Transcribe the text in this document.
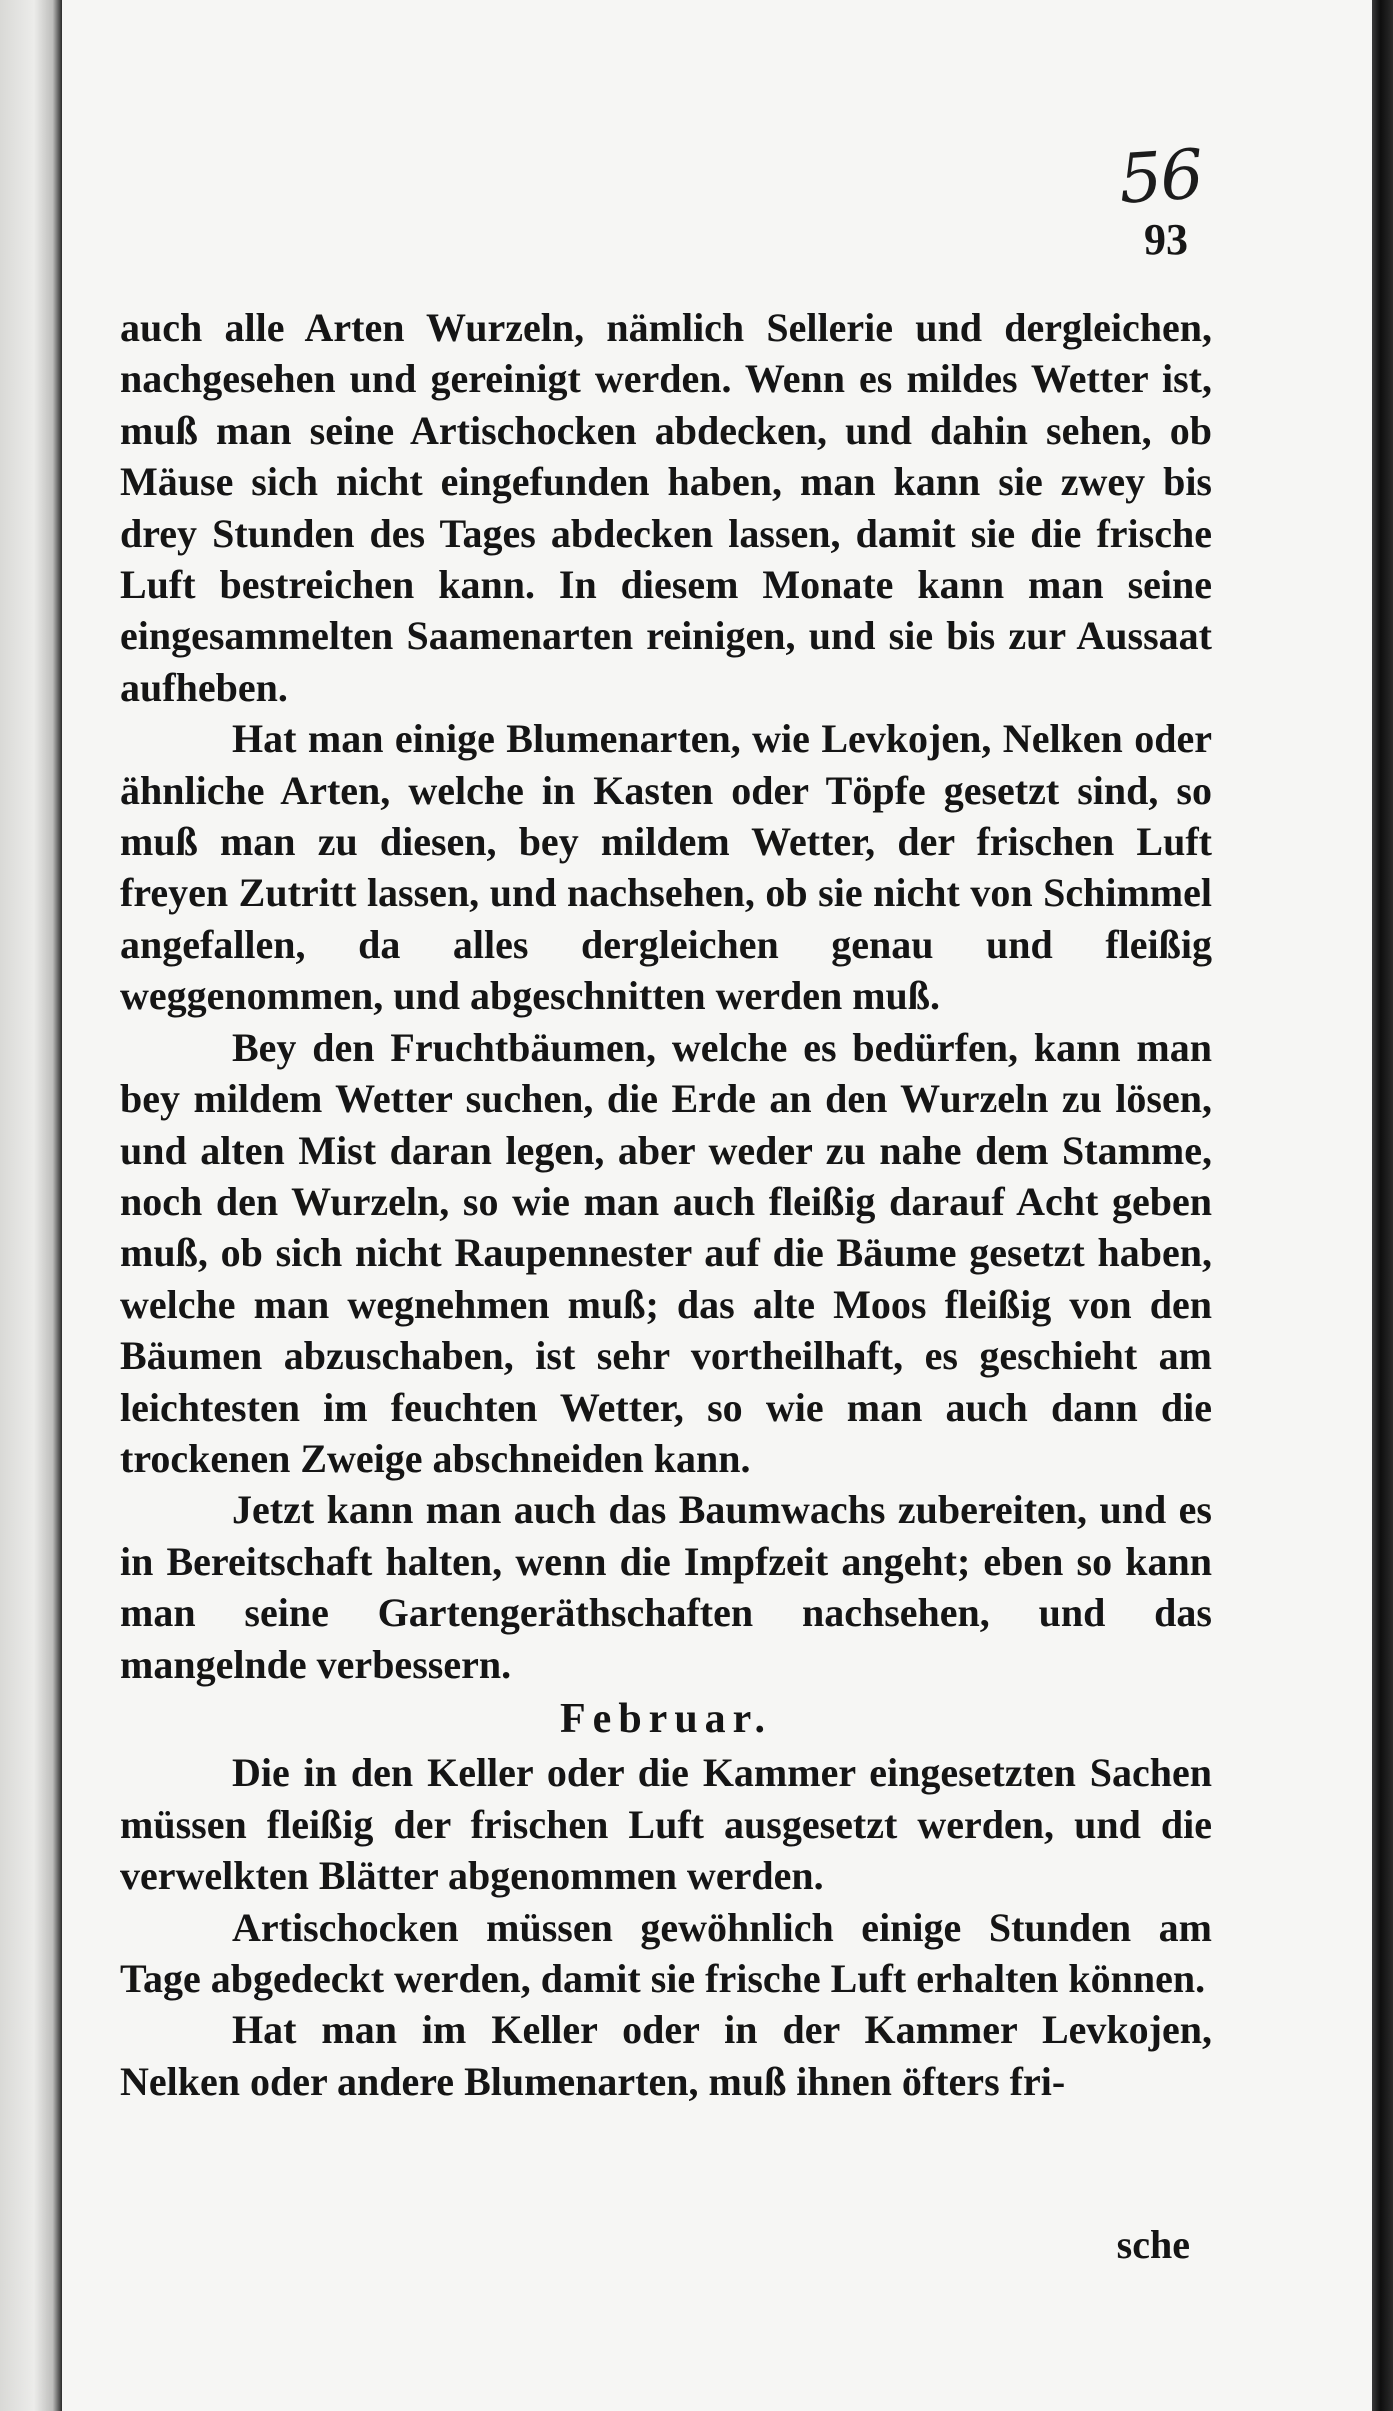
56
93

auch alle Arten Wurzeln, nämlich Sellerie und dergleichen, nachgesehen und gereinigt werden. Wenn es mildes Wetter ist, muß man seine Artischocken abdecken, und dahin sehen, ob Mäuse sich nicht eingefunden haben, man kann sie zwey bis drey Stunden des Tages abdecken lassen, damit sie die frische Luft bestreichen kann. In diesem Monate kann man seine eingesammelten Saamenarten reinigen, und sie bis zur Aussaat aufheben.

Hat man einige Blumenarten, wie Levkojen, Nelken oder ähnliche Arten, welche in Kasten oder Töpfe gesetzt sind, so muß man zu diesen, bey mildem Wetter, der frischen Luft freyen Zutritt lassen, und nachsehen, ob sie nicht von Schimmel angefallen, da alles dergleichen genau und fleißig weggenommen, und abgeschnitten werden muß.

Bey den Fruchtbäumen, welche es bedürfen, kann man bey mildem Wetter suchen, die Erde an den Wurzeln zu lösen, und alten Mist daran legen, aber weder zu nahe dem Stamme, noch den Wurzeln, so wie man auch fleißig darauf Acht geben muß, ob sich nicht Raupennester auf die Bäume gesetzt haben, welche man wegnehmen muß; das alte Moos fleißig von den Bäumen abzuschaben, ist sehr vortheilhaft, es geschieht am leichtesten im feuchten Wetter, so wie man auch dann die trockenen Zweige abschneiden kann.

Jetzt kann man auch das Baumwachs zubereiten, und es in Bereitschaft halten, wenn die Impfzeit angeht; eben so kann man seine Gartengeräthschaften nachsehen, und das mangelnde verbessern.

Februar.

Die in den Keller oder die Kammer eingesetzten Sachen müssen fleißig der frischen Luft ausgesetzt werden, und die verwelkten Blätter abgenommen werden.

Artischocken müssen gewöhnlich einige Stunden am Tage abgedeckt werden, damit sie frische Luft erhalten können.

Hat man im Keller oder in der Kammer Levkojen, Nelken oder andere Blumenarten, muß ihnen öfters fri-

sche
